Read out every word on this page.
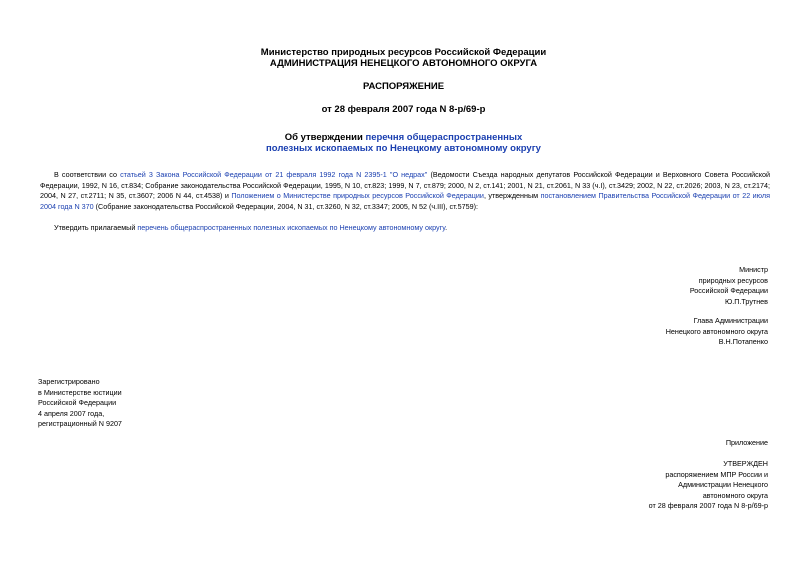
Министерство природных ресурсов Российской Федерации
АДМИНИСТРАЦИЯ НЕНЕЦКОГО АВТОНОМНОГО ОКРУГА
РАСПОРЯЖЕНИЕ
от 28 февраля 2007 года N 8-р/69-р
Об утверждении перечня общераспространенных
полезных ископаемых по Ненецкому автономному округу
В соответствии со статьей 3 Закона Российской Федерации от 21 февраля 1992 года N 2395-1 "О недрах" (Ведомости Съезда народных депутатов Российской Федерации и Верховного Совета Российской Федерации, 1992, N 16, ст.834; Собрание законодательства Российской Федерации, 1995, N 10, ст.823; 1999, N 7, ст.879; 2000, N 2, ст.141; 2001, N 21, ст.2061, N 33 (ч.I), ст.3429; 2002, N 22, ст.2026; 2003, N 23, ст.2174; 2004, N 27, ст.2711; N 35, ст.3607; 2006 N 44, ст.4538) и Положением о Министерстве природных ресурсов Российской Федерации, утвержденным постановлением Правительства Российской Федерации от 22 июля 2004 года N 370 (Собрание законодательства Российской Федерации, 2004, N 31, ст.3260, N 32, ст.3347; 2005, N 52 (ч.III), ст.5759):
Утвердить прилагаемый перечень общераспространенных полезных ископаемых по Ненецкому автономному округу.
Министр
природных ресурсов
Российской Федерации
Ю.П.Трутнев
Глава Администрации
Ненецкого автономного округа
В.Н.Потапенко
Зарегистрировано
в Министерстве юстиции
Российской Федерации
4 апреля 2007 года,
регистрационный N 9207
Приложение
УТВЕРЖДЕН
распоряжением МПР России и
Администрации Ненецкого
автономного округа
от 28 февраля 2007 года N 8-р/69-р
